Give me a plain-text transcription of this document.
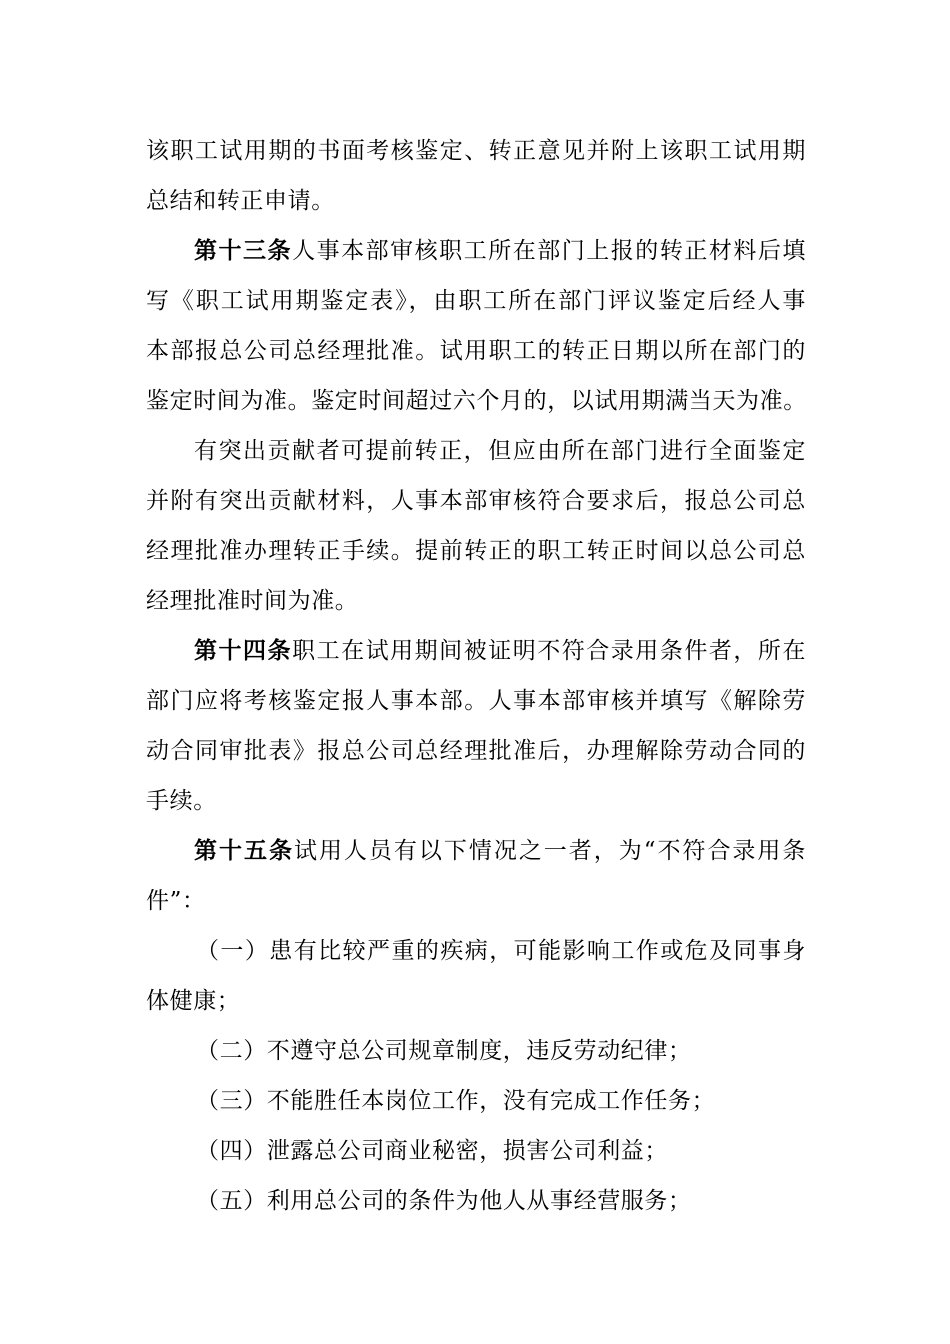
该职工试用期的书面考核鉴定、转正意见并附上该职工试用期
总结和转正申请。
第十三条人事本部审核职工所在部门上报的转正材料后填
写《职工试用期鉴定表》，由职工所在部门评议鉴定后经人事
本部报总公司总经理批准。试用职工的转正日期以所在部门的
鉴定时间为准。鉴定时间超过六个月的，以试用期满当天为准。
有突出贡献者可提前转正，但应由所在部门进行全面鉴定
并附有突出贡献材料，人事本部审核符合要求后，报总公司总
经理批准办理转正手续。提前转正的职工转正时间以总公司总
经理批准时间为准。
第十四条职工在试用期间被证明不符合录用条件者，所在
部门应将考核鉴定报人事本部。人事本部审核并填写《解除劳
动合同审批表》报总公司总经理批准后，办理解除劳动合同的
手续。
第十五条试用人员有以下情况之一者，为“不符合录用条
件”：
（一）患有比较严重的疾病，可能影响工作或危及同事身
体健康；
（二）不遵守总公司规章制度，违反劳动纪律；
（三）不能胜任本岗位工作，没有完成工作任务；
（四）泄露总公司商业秘密，损害公司利益；
（五）利用总公司的条件为他人从事经营服务；
